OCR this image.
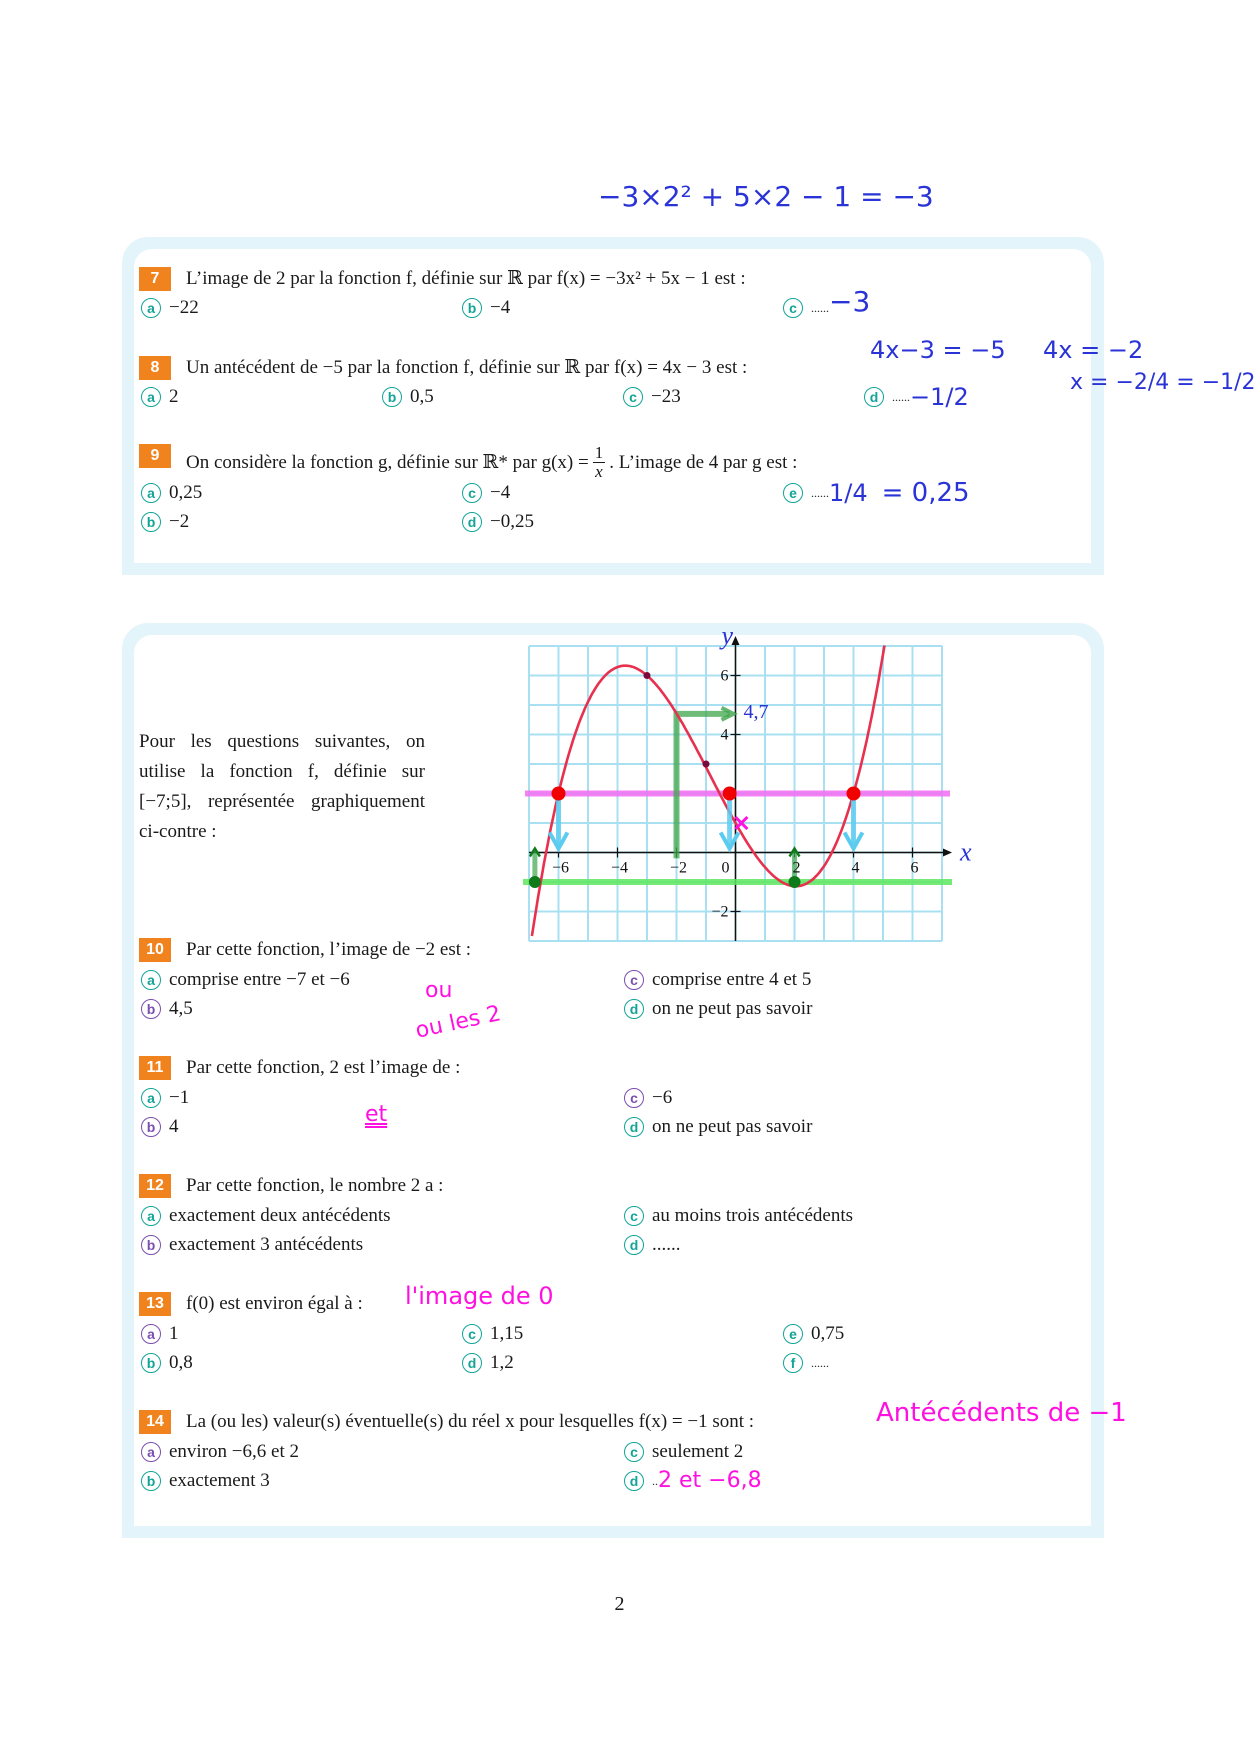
−3×2² + 5×2 − 1 = −3
7	L’image de 2 par la fonction f, définie sur ℝ par f(x) = −3x² + 5x − 1 est :
a −22	b −4	c	...... −3
8	Un antécédent de −5 par la fonction f, définie sur ℝ par f(x) = 4x − 3 est :
a 2	b 0,5	c −23	d	...... −1/2
4x−3 = −5 4x = −2
x = −2/4 = −1/2
9	On considère la fonction g, définie sur ℝ* par $g(x) = \frac{1}{x}$ . L’image de 4 par g est :
a 0,25
b −2
c −4
d −0,25
e	...... 1/4 = 0,25
Pour les questions suivantes, on utilise la fonction f, définie sur [−7;5], représentée graphiquement ci-contre :
−6	−4	−2 0	2	4	6
−2
4
6
x
y
4,7
10	Par cette fonction, l’image de −2 est :
a comprise entre −7 et −6
b 4,5
c comprise entre 4 et 5
d on ne peut pas savoir
ou
ou les 2
11	Par cette fonction, 2 est l’image de :
a −1
b 4
c −6
d on ne peut pas savoir
et
12	Par cette fonction, le nombre 2 a :
a exactement deux antécédents
b exactement 3 antécédents
c au moins trois antécédents
d ......
13	f(0) est environ égal à : l'image de 0
a 1
b 0,8
c 1,15
d 1,2
e 0,75
f	......
14	La (ou les) valeur(s) éventuelle(s) du réel x pour lesquelles f(x) = −1 sont :	Antécédents de −1
a environ −6,6 et 2
b exactement 3
c seulement 2
d	.. 2 et −6,8
2
